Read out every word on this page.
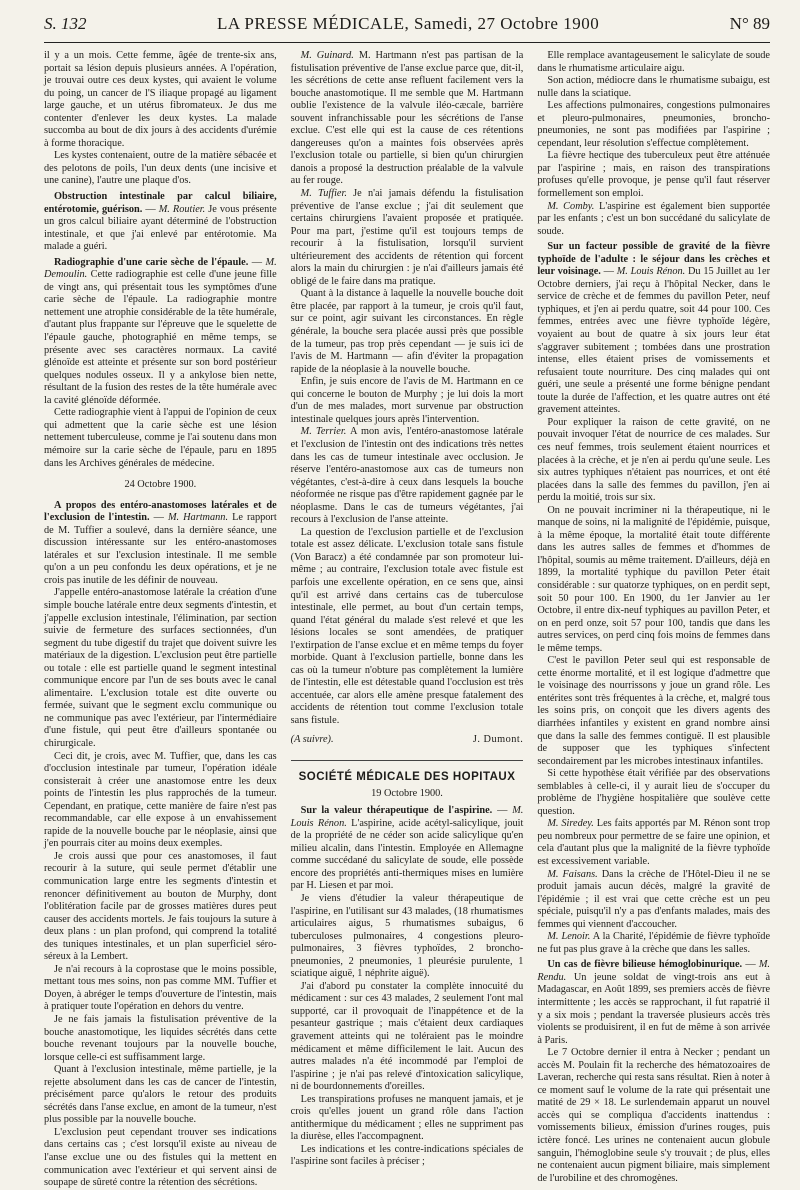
S. 132	LA PRESSE MÉDICALE, Samedi, 27 Octobre 1900	N° 89

il y a un mois. Cette femme, âgée de trente-six ans, portait sa lésion depuis plusieurs années. A l'opération, je trouvai outre ces deux kystes, qui avaient le volume du poing, un cancer de l'S iliaque propagé au ligament large gauche, et un utérus fibromateux. Je dus me contenter d'enlever les deux kystes. La malade succomba au bout de dix jours à des accidents d'urémie à forme thoracique.

Les kystes contenaient, outre de la matière sébacée et des pelotons de poils, l'un deux dents (une incisive et une canine), l'autre une plaque d'os.

Obstruction intestinale par calcul biliaire, entérotomie, guérison. — M. Routier. Je vous présente un gros calcul biliaire ayant déterminé de l'obstruction intestinale, et que j'ai enlevé par entérotomie. Ma malade a guéri.

Radiographie d'une carie sèche de l'épaule. — M. Demoulin. Cette radiographie est celle d'une jeune fille de vingt ans, qui présentait tous les symptômes d'une carie sèche de l'épaule. La radiographie montre nettement une atrophie considérable de la tête humérale, d'autant plus frappante sur l'épreuve que le squelette de l'épaule gauche, photographié en même temps, se présente avec ses caractères normaux. La cavité glénoïde est atteinte et présente sur son bord postérieur quelques nodules osseux. Il y a ankylose bien nette, résultant de la fusion des restes de la tête humérale avec la cavité glénoïde déformée.

Cette radiographie vient à l'appui de l'opinion de ceux qui admettent que la carie sèche est une lésion nettement tuberculeuse, comme je l'ai soutenu dans mon mémoire sur la carie sèche de l'épaule, paru en 1895 dans les Archives générales de médecine.

24 Octobre 1900.

A propos des entéro-anastomoses latérales et de l'exclusion de l'intestin. — M. Hartmann. Le rapport de M. Tuffier a soulevé, dans la dernière séance, une discussion intéressante sur les entéro-anastomoses latérales et sur l'exclusion intestinale. Il me semble qu'on a un peu confondu les deux opérations, et je ne crois pas inutile de les définir de nouveau.

J'appelle entéro-anastomose latérale la création d'une simple bouche latérale entre deux segments d'intestin, et j'appelle exclusion intestinale, l'élimination, par section suivie de fermeture des surfaces sectionnées, d'un segment du tube digestif du trajet que doivent suivre les matériaux de la digestion. L'exclusion peut être partielle ou totale : elle est partielle quand le segment intestinal communique encore par l'un de ses bouts avec le canal alimentaire. L'exclusion totale est dite ouverte ou fermée, suivant que le segment exclu communique ou ne communique pas avec l'extérieur, par l'intermédiaire d'une fistule, qui peut être d'ailleurs spontanée ou chirurgicale.

Ceci dit, je crois, avec M. Tuffier, que, dans les cas d'occlusion intestinale par tumeur, l'opération idéale consisterait à créer une anastomose entre les deux points de l'intestin les plus rapprochés de la tumeur. Cependant, en pratique, cette manière de faire n'est pas recommandable, car elle expose à un envahissement rapide de la nouvelle bouche par le néoplasie, ainsi que j'en pourrais citer au moins deux exemples.

Je crois aussi que pour ces anastomoses, il faut recourir à la suture, qui seule permet d'établir une communication large entre les segments d'intestin et renoncer définitivement au bouton de Murphy, dont l'oblitération facile par de grosses matières dures peut causer des accidents mortels. Je fais toujours la suture à deux plans : un plan profond, qui comprend la totalité des tuniques intestinales, et un plan superficiel séro-séreux à la Lembert.

Je n'ai recours à la coprostase que le moins possible, mettant tous mes soins, non pas comme MM. Tuffier et Doyen, à abréger le temps d'ouverture de l'intestin, mais à pratiquer toute l'opération en dehors du ventre.

Je ne fais jamais la fistulisation préventive de la bouche anastomotique, les liquides sécrétés dans cette bouche revenant toujours par la nouvelle bouche, lorsque celle-ci est suffisamment large.

Quant à l'exclusion intestinale, même partielle, je la rejette absolument dans les cas de cancer de l'intestin, précisément parce qu'alors le retour des produits sécrétés dans l'anse exclue, en amont de la tumeur, n'est plus possible par la nouvelle bouche.

L'exclusion peut cependant trouver ses indications dans certains cas ; c'est lorsqu'il existe au niveau de l'anse exclue une ou des fistules qui la mettent en communication avec l'extérieur et qui servent ainsi de soupape de sûreté contre la rétention des sécrétions.

M. Guinard. M. Hartmann n'est pas partisan de la fistulisation préventive de l'anse exclue parce que, dit-il, les sécrétions de cette anse refluent facilement vers la bouche anastomotique. Il me semble que M. Hartmann oublie l'existence de la valvule iléo-cæcale, barrière souvent infranchissable pour les sécrétions de l'anse exclue. C'est elle qui est la cause de ces rétentions dangereuses qu'on a maintes fois observées après l'exclusion totale ou partielle, si bien qu'un chirurgien danois a proposé la destruction préalable de la valvule au fer rouge.

M. Tuffier. Je n'ai jamais défendu la fistulisation préventive de l'anse exclue ; j'ai dit seulement que certains chirurgiens l'avaient proposée et pratiquée. Pour ma part, j'estime qu'il est toujours temps de recourir à la fistulisation, lorsqu'il survient ultérieurement des accidents de rétention qui forcent alors la main du chirurgien : je n'ai d'ailleurs jamais été obligé de le faire dans ma pratique.

Quant à la distance à laquelle la nouvelle bouche doit être placée, par rapport à la tumeur, je crois qu'il faut, sur ce point, agir suivant les circonstances. En règle générale, la bouche sera placée aussi près que possible de la tumeur, pas trop près cependant — je suis ici de l'avis de M. Hartmann — afin d'éviter la propagation rapide de la néoplasie à la nouvelle bouche.

Enfin, je suis encore de l'avis de M. Hartmann en ce qui concerne le bouton de Murphy ; je lui dois la mort d'un de mes malades, mort survenue par obstruction intestinale quelques jours après l'intervention.

M. Terrier. A mon avis, l'entéro-anastomose latérale et l'exclusion de l'intestin ont des indications très nettes dans les cas de tumeur intestinale avec occlusion. Je réserve l'entéro-anastomose aux cas de tumeurs non végétantes, c'est-à-dire à ceux dans lesquels la bouche néoformée ne risque pas d'être rapidement gagnée par le néoplasme. Dans le cas de tumeurs végétantes, j'ai recours à l'exclusion de l'anse atteinte.

La question de l'exclusion partielle et de l'exclusion totale est assez délicate. L'exclusion totale sans fistule (Von Baracz) a été condamnée par son promoteur lui-même ; au contraire, l'exclusion totale avec fistule est parfois une excellente opération, en ce sens que, ainsi qu'il est arrivé dans certains cas de tuberculose intestinale, elle permet, au bout d'un certain temps, quand l'état général du malade s'est relevé et que les lésions locales se sont amendées, de pratiquer l'extirpation de l'anse exclue et en même temps du foyer morbide. Quant à l'exclusion partielle, bonne dans les cas où la tumeur n'obture pas complètement la lumière de l'intestin, elle est détestable quand l'occlusion est très accentuée, car alors elle amène presque fatalement des accidents de rétention tout comme l'exclusion totale sans fistule.

(A suivre).	J. Dumont.

SOCIÉTÉ MÉDICALE DES HOPITAUX

19 Octobre 1900.

Sur la valeur thérapeutique de l'aspirine. — M. Louis Rénon. L'aspirine, acide acétyl-salicylique, jouit de la propriété de ne céder son acide salicylique qu'en milieu alcalin, dans l'intestin. Employée en Allemagne comme succédané du salicylate de soude, elle possède encore des propriétés anti-thermiques mises en lumière par H. Liesen et par moi.

Je viens d'étudier la valeur thérapeutique de l'aspirine, en l'utilisant sur 43 malades, (18 rhumatismes articulaires aigus, 5 rhumatismes subaigus, 6 tuberculoses pulmonaires, 4 congestions pleuro-pulmonaires, 3 fièvres typhoïdes, 2 broncho-pneumonies, 2 pneumonies, 1 pleurésie purulente, 1 sciatique aiguë, 1 néphrite aiguë).

J'ai d'abord pu constater la complète innocuité du médicament : sur ces 43 malades, 2 seulement l'ont mal supporté, car il provoquait de l'inappétence et de la pesanteur gastrique ; mais c'étaient deux cardiaques gravement atteints qui ne toléraient pas le moindre médicament et même difficilement le lait. Aucun des autres malades n'a été incommodé par l'emploi de l'aspirine ; je n'ai pas relevé d'intoxication salicylique, ni de bourdonnements d'oreilles.

Les transpirations profuses ne manquent jamais, et je crois qu'elles jouent un grand rôle dans l'action antithermique du médicament ; elles ne suppriment pas la diurèse, elles l'accompagnent.

Les indications et les contre-indications spéciales de l'aspirine sont faciles à préciser ;

Elle remplace avantageusement le salicylate de soude dans le rhumatisme articulaire aigu.

Son action, médiocre dans le rhumatisme subaigu, est nulle dans la sciatique.

Les affections pulmonaires, congestions pulmonaires et pleuro-pulmonaires, pneumonies, broncho-pneumonies, ne sont pas modifiées par l'aspirine ; cependant, leur résolution s'effectue complètement.

La fièvre hectique des tuberculeux peut être atténuée par l'aspirine ; mais, en raison des transpirations profuses qu'elle provoque, je pense qu'il faut réserver formellement son emploi.

M. Comby. L'aspirine est également bien supportée par les enfants ; c'est un bon succédané du salicylate de soude.

Sur un facteur possible de gravité de la fièvre typhoïde de l'adulte : le séjour dans les crèches et leur voisinage. — M. Louis Rénon. Du 15 Juillet au 1er Octobre derniers, j'ai reçu à l'hôpital Necker, dans le service de crèche et de femmes du pavillon Peter, neuf typhiques, et j'en ai perdu quatre, soit 44 pour 100. Ces femmes, entrées avec une fièvre typhoïde légère, voyaient au bout de quatre à six jours leur état s'aggraver subitement ; tombées dans une prostration intense, elles étaient prises de vomissements et refusaient toute nourriture. Des cinq malades qui ont guéri, une seule a présenté une forme bénigne pendant toute la durée de l'affection, et les quatre autres ont été gravement atteintes.

Pour expliquer la raison de cette gravité, on ne pouvait invoquer l'état de nourrice de ces malades. Sur ces neuf femmes, trois seulement étaient nourrices et placées à la crèche, et je n'en ai perdu qu'une seule. Les six autres typhiques n'étaient pas nourrices, et ont été placées dans la salle des femmes du pavillon, j'en ai perdu la moitié, trois sur six.

On ne pouvait incriminer ni la thérapeutique, ni le manque de soins, ni la malignité de l'épidémie, puisque, à la même époque, la mortalité était toute différente dans les autres salles de femmes et d'hommes de l'hôpital, soumis au même traitement. D'ailleurs, déjà en 1899, la mortalité typhique du pavillon Peter était considérable : sur quatorze typhiques, on en perdit sept, soit 50 pour 100. En 1900, du 1er Janvier au 1er Octobre, il entre dix-neuf typhiques au pavillon Peter, et on en perd onze, soit 57 pour 100, tandis que dans les autres services, on perd cinq fois moins de femmes dans le même temps.

C'est le pavillon Peter seul qui est responsable de cette énorme mortalité, et il est logique d'admettre que le voisinage des nourrissons y joue un grand rôle. Les entérites sont très fréquentes à la crèche, et, malgré tous les soins pris, on conçoit que les divers agents des diarrhées infantiles y existent en grand nombre ainsi que dans la salle des femmes contiguë. Il est plausible de supposer que les typhiques s'infectent secondairement par les microbes intestinaux infantiles.

Si cette hypothèse était vérifiée par des observations semblables à celle-ci, il y aurait lieu de s'occuper du problème de l'hygiène hospitalière que soulève cette question.

M. Siredey. Les faits apportés par M. Rénon sont trop peu nombreux pour permettre de se faire une opinion, et cela d'autant plus que la malignité de la fièvre typhoïde est excessivement variable.

M. Faisans. Dans la crèche de l'Hôtel-Dieu il ne se produit jamais aucun décès, malgré la gravité de l'épidémie ; il est vrai que cette crèche est un peu spéciale, puisqu'il n'y a pas d'enfants malades, mais des femmes qui viennent d'accoucher.

M. Lenoir. A la Charité, l'épidémie de fièvre typhoïde ne fut pas plus grave à la crèche que dans les salles.

Un cas de fièvre bilieuse hémoglobinurique. — M. Rendu. Un jeune soldat de vingt-trois ans eut à Madagascar, en Août 1899, ses premiers accès de fièvre intermittente ; les accès se rapprochant, il fut rapatrié il y a six mois ; pendant la traversée plusieurs accès très violents se produisirent, il en fut de même à son arrivée à Paris.

Le 7 Octobre dernier il entra à Necker ; pendant un accès M. Poulain fit la recherche des hématozoaires de Laveran, recherche qui resta sans résultat. Rien à noter à ce moment sauf le volume de la rate qui présentait une matité de 29 × 18. Le surlendemain apparut un nouvel accès qui se compliqua d'accidents inattendus : vomissements bilieux, émission d'urines rouges, puis ictère foncé. Les urines ne contenaient aucun globule sanguin, l'hémoglobine seule s'y trouvait ; de plus, elles ne contenaient aucun pigment biliaire, mais simplement de l'urobiline et des chromogènes.
